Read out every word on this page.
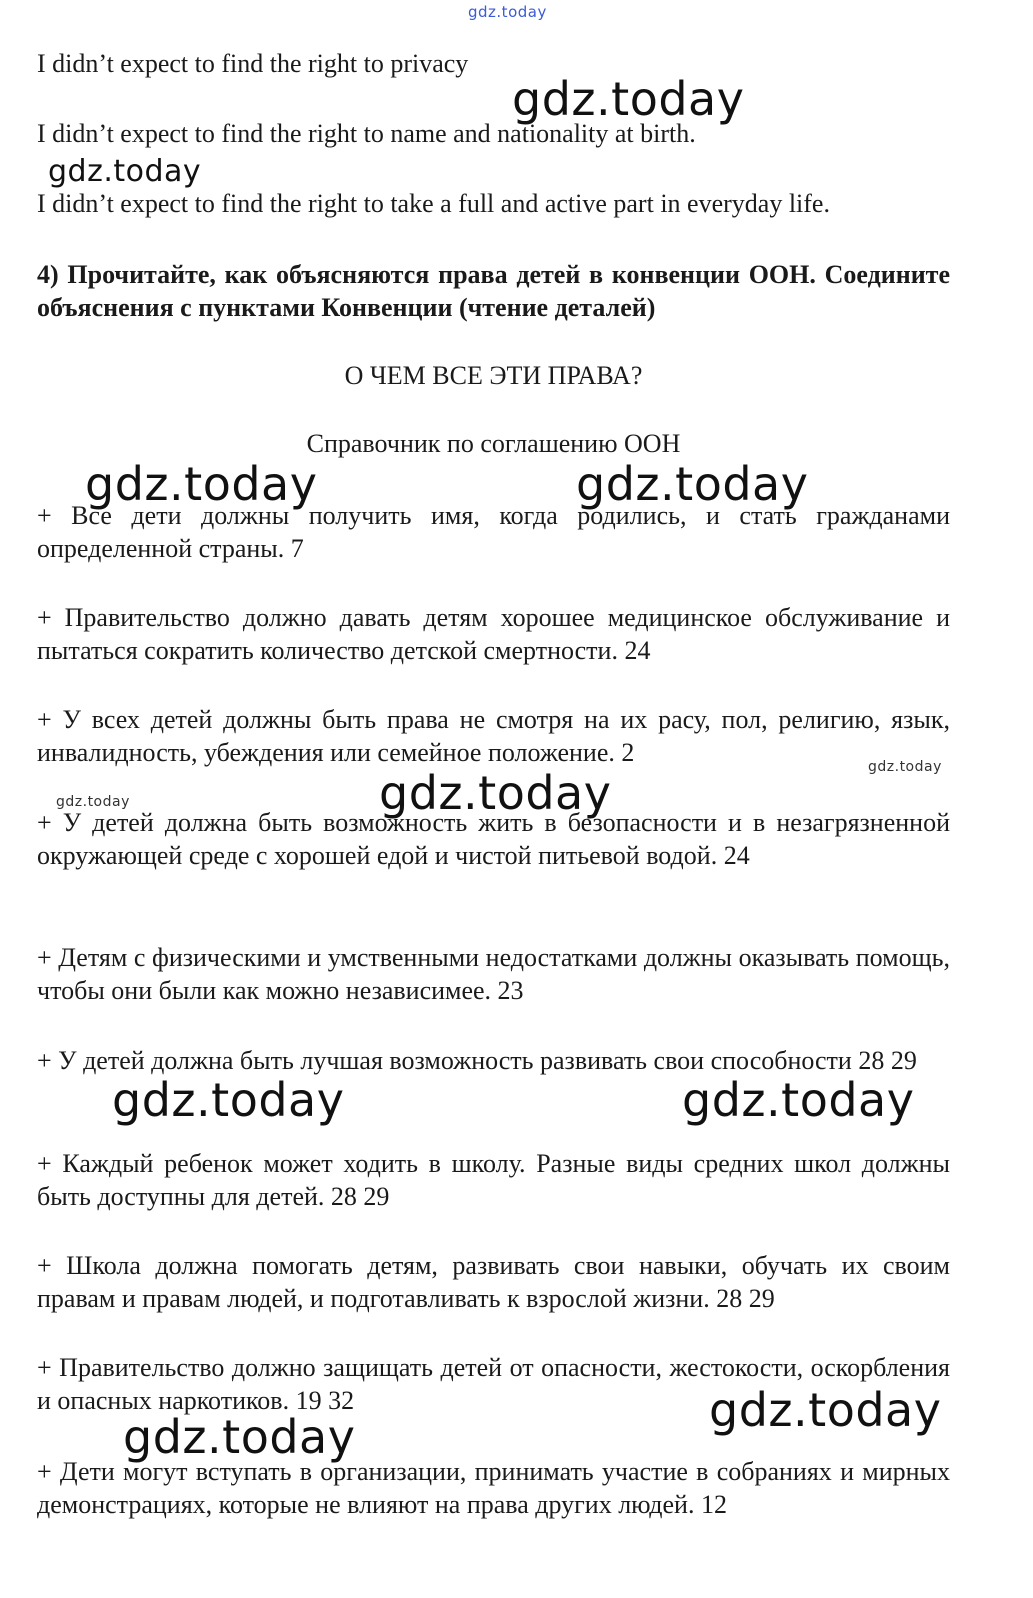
gdz.today
gdz.today
gdz.today
gdz.today	gdz.today
gdz.today
gdz.today
gdz.today
gdz.today	gdz.today
gdz.today
gdz.today
I didn’t expect to find the right to privacy
I didn’t expect to find the right to name and nationality at birth.
I didn’t expect to find the right to take a full and active part in everyday life.
4) Прочитайте, как объясняются права детей в конвенции ООН. Соедините объяснения с пунктами Конвенции (чтение деталей)
О ЧЕМ ВСЕ ЭТИ ПРАВА?
Справочник по соглашению ООН
+ Все дети должны получить имя, когда родились, и стать гражданами определенной страны. 7
+ Правительство должно давать детям хорошее медицинское обслуживание и пытаться сократить количество детской смертности. 24
+ У всех детей должны быть права не смотря на их расу, пол, религию, язык, инвалидность, убеждения или семейное положение. 2
+ У детей должна быть возможность жить в безопасности и в незагрязненной окружающей среде с хорошей едой и чистой питьевой водой. 24
+ Детям с физическими и умственными недостатками должны оказывать помощь, чтобы они были как можно независимее. 23
+ У детей должна быть лучшая возможность развивать свои способности 28 29
+ Каждый ребенок может ходить в школу. Разные виды средних школ должны быть доступны для детей. 28 29
+ Школа должна помогать детям, развивать свои навыки, обучать их своим правам и правам людей, и подготавливать к взрослой жизни. 28 29
+ Правительство должно защищать детей от опасности, жестокости, оскорбления и опасных наркотиков. 19 32
+ Дети могут вступать в организации, принимать участие в собраниях и мирных демонстрациях, которые не влияют на права других людей. 12
